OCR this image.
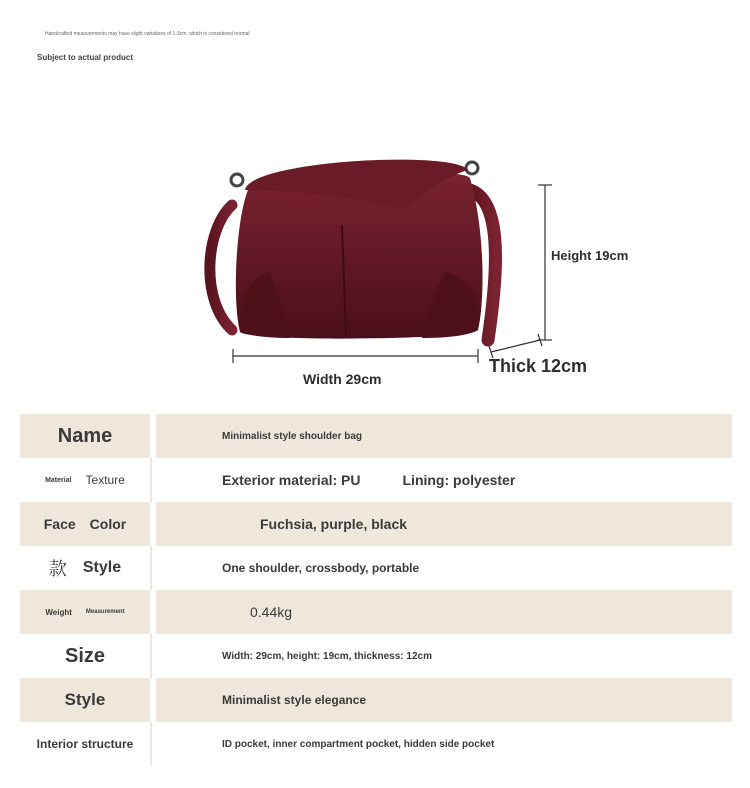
Handcrafted measurements may have slight variations of 1-3cm, which is considered normal
Subject to actual product
Height 19cm
Width 29cm
Thick 12cm
Name	Minimalist style shoulder bag
Material Texture	Exterior material: PU	Lining: polyester
Face Color	Fuchsia, purple, black
款 Style	One shoulder, crossbody, portable
Weight Measurement	0.44kg
Size	Width: 29cm, height: 19cm, thickness: 12cm
Style	Minimalist style elegance
Interior structure	ID pocket, inner compartment pocket, hidden side pocket
